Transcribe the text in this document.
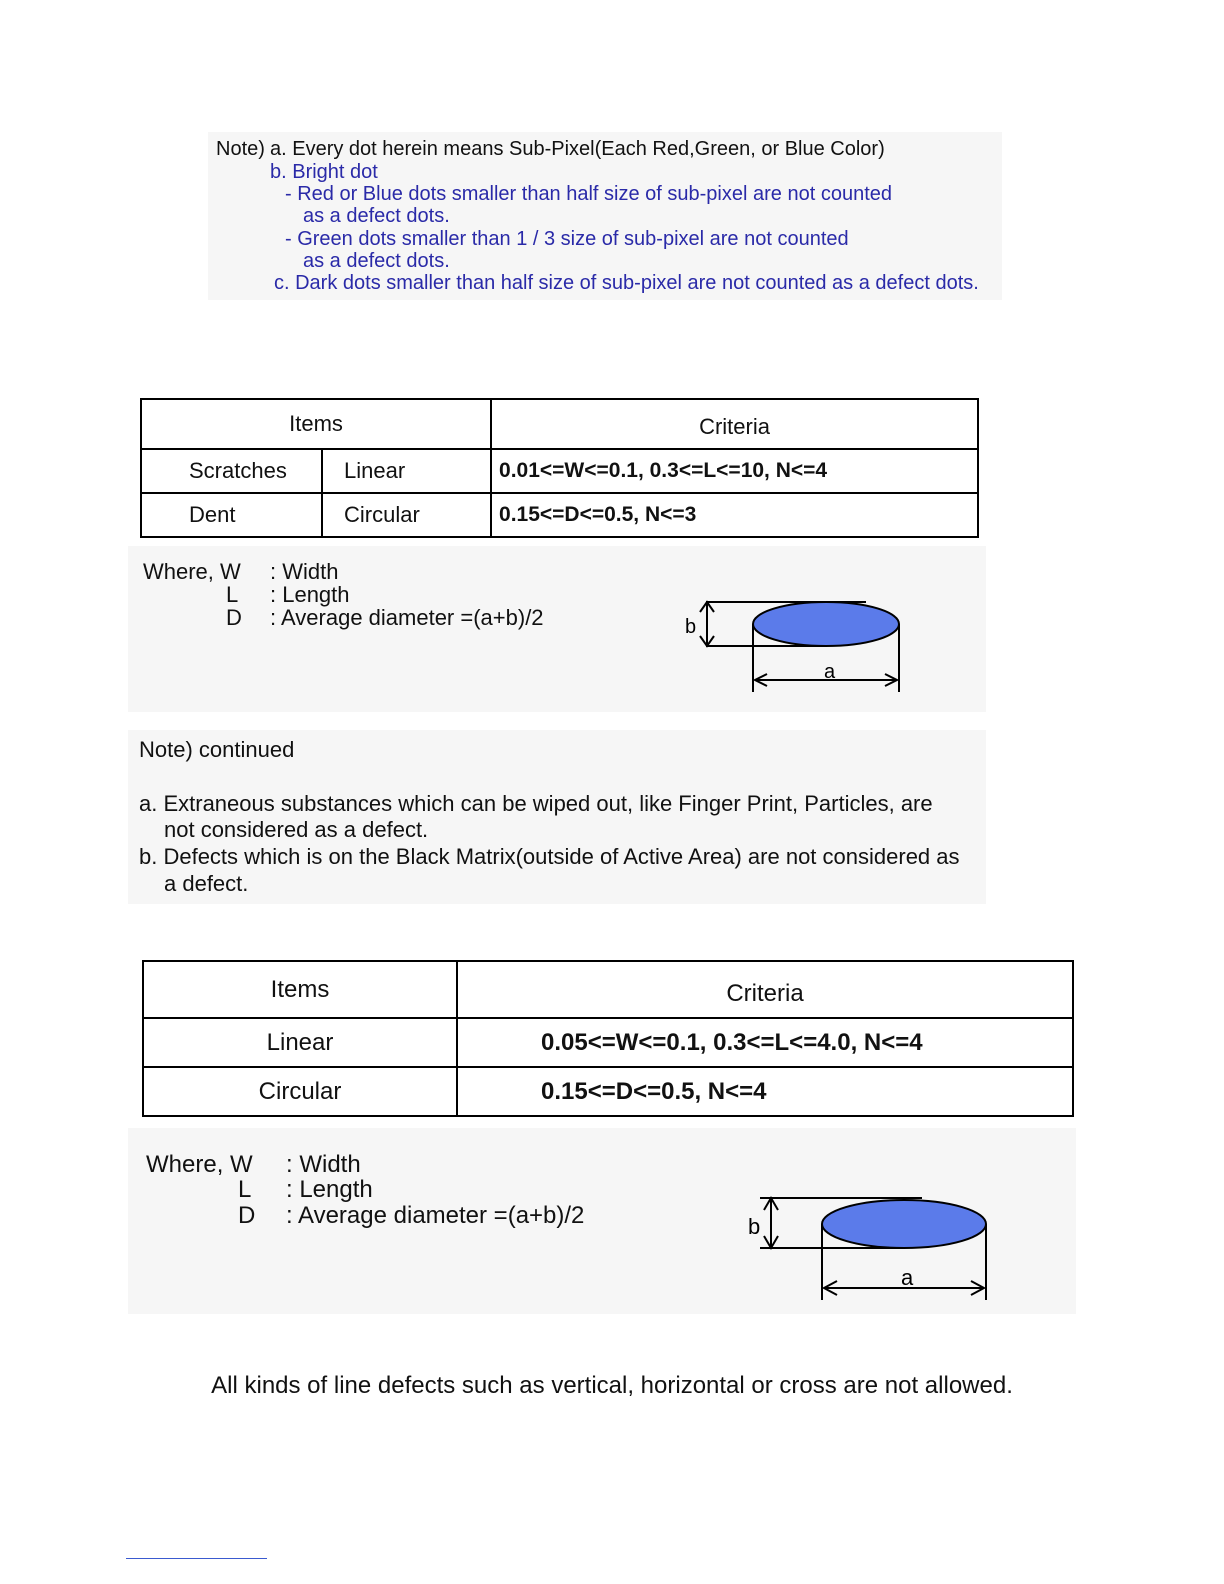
Note) a. Every dot herein means Sub-Pixel(Each Red,Green, or Blue Color)
b. Bright dot
- Red or Blue dots smaller than half size of sub-pixel are not counted
as a defect dots.
- Green dots smaller than 1 / 3 size of sub-pixel are not counted
as a defect dots.
c. Dark dots smaller than half size of sub-pixel are not counted as a defect dots.
Items		Criteria
Scratches	Linear	0.01<=W<=0.1, 0.3<=L<=10, N<=4
Dent	Circular	0.15<=D<=0.5, N<=3
Where, W : Width
L : Length
D : Average diameter =(a+b)/2	b
a
Note) continued
a. Extraneous substances which can be wiped out, like Finger Print, Particles, are
not considered as a defect.
b. Defects which is on the Black Matrix(outside of Active Area) are not considered as
a defect.
Items	Criteria
Linear	0.05<=W<=0.1, 0.3<=L<=4.0, N<=4
Circular	0.15<=D<=0.5, N<=4
Where, W : Width
L : Length
D : Average diameter =(a+b)/2	b
a
All kinds of line defects such as vertical, horizontal or cross are not allowed.
